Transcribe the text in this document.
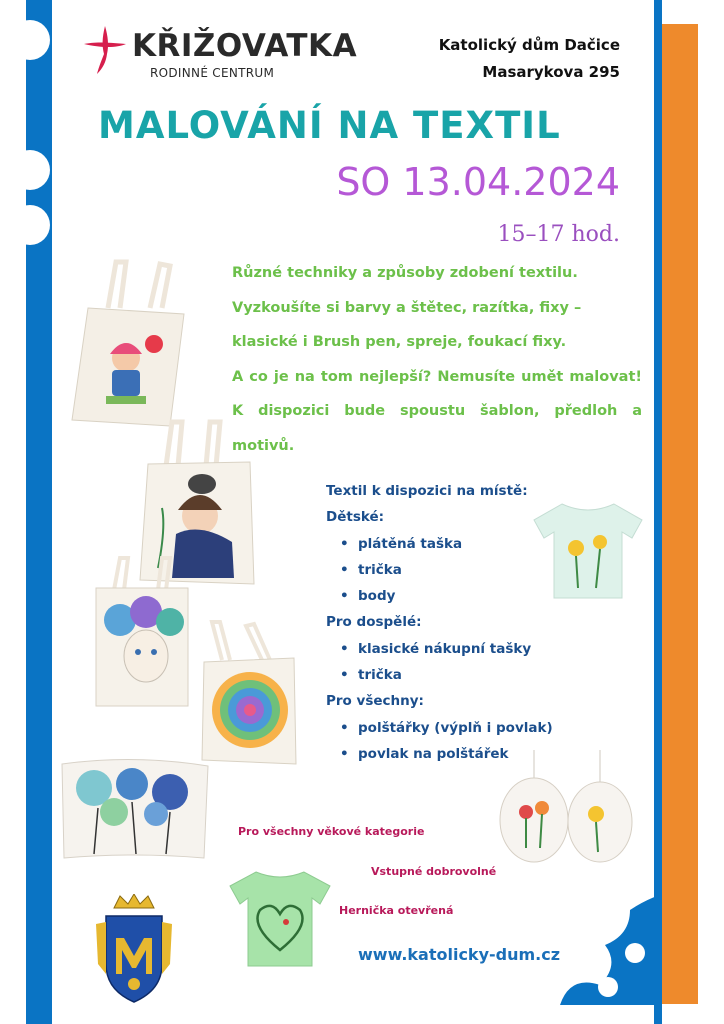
KŘIŽOVATKA
RODINNÉ CENTRUM
Katolický dům Dačice
Masarykova 295
MALOVÁNÍ NA TEXTIL
SO 13.04.2024
15–17 hod.

Různé techniky a způsoby zdobení textilu.

Vyzkoušíte si barvy a štětec, razítka, fixy –

klasické i Brush pen, spreje, foukací fixy.

A co je na tom nejlepší? Nemusíte umět malovat! K dispozici bude spoustu šablon, předloh a motivů.

Textil k dispozici na místě:
Dětské:
• plátěná taška
• trička
• body
Pro dospělé:
• klasické nákupní tašky
• trička
Pro všechny:
• polštářky (výplň i povlak)
• povlak na polštářek
Pro všechny věkové kategorie
Vstupné dobrovolné
Hernička otevřená
www.katolicky-dum.cz
